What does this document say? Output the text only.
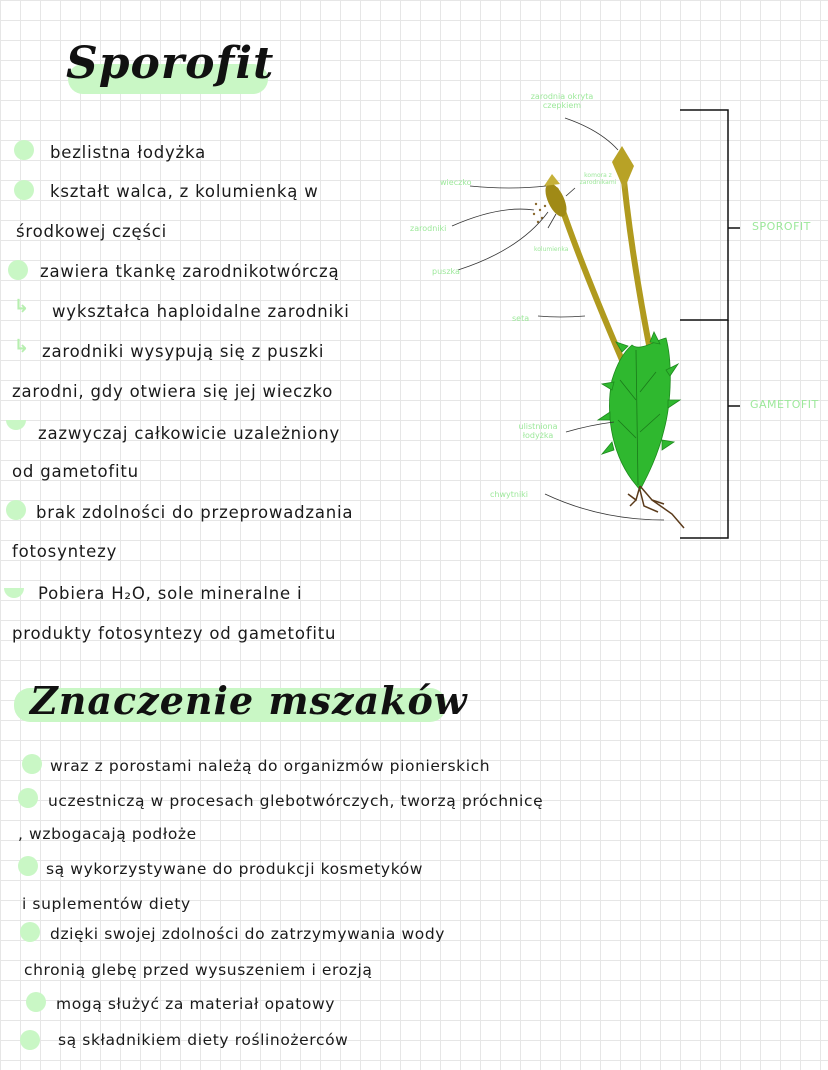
Sporofit
bezlistna łodyżka
kształt walca, z kolumienką w
środkowej części
zawiera tkankę zarodnikotwórczą
↳ wykształca haploidalne zarodniki
↳ zarodniki wysypują się z puszki
zarodni, gdy otwiera się jej wieczko
zazwyczaj całkowicie uzależniony
od gametofitu
brak zdolności do przeprowadzania
fotosyntezy
Pobiera H₂O, sole mineralne i
produkty fotosyntezy od gametofitu
zarodnia okryta czepkiem
komora z zarodnikami
wieczko
zarodniki
kolumienka
puszka
seta
ulistniona łodyżka
chwytniki
SPOROFIT
GAMETOFIT
Znaczenie mszaków
wraz z porostami należą do organizmów pionierskich
uczestniczą w procesach glebotwórczych, tworzą próchnicę
, wzbogacają podłoże
są wykorzystywane do produkcji kosmetyków
i suplementów diety
dzięki swojej zdolności do zatrzymywania wody
chronią glebę przed wysuszeniem i erozją
mogą służyć za materiał opatowy
są składnikiem diety roślinożerców
